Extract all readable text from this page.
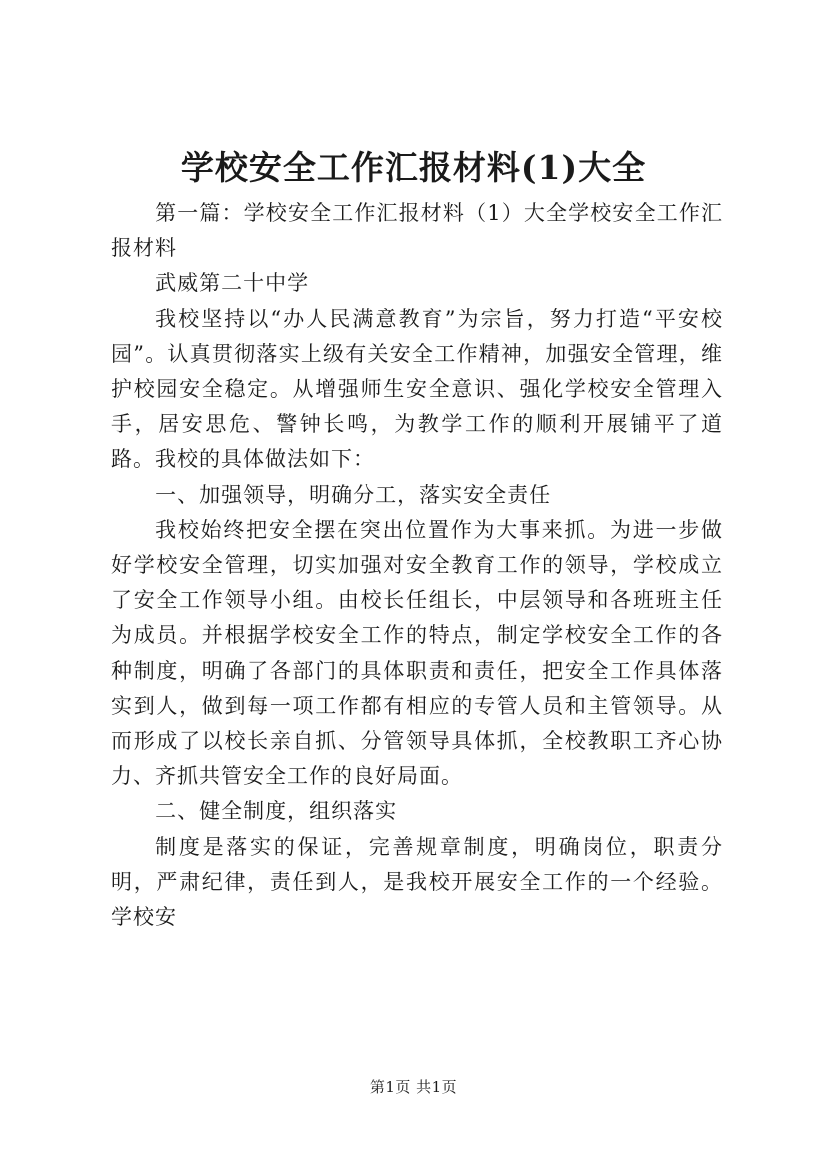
学校安全工作汇报材料(1)大全

第一篇：学校安全工作汇报材料（1）大全学校安全工作汇报材料

武威第二十中学

我校坚持以“办人民满意教育”为宗旨，努力打造“平安校园”。认真贯彻落实上级有关安全工作精神，加强安全管理，维护校园安全稳定。从增强师生安全意识、强化学校安全管理入手，居安思危、警钟长鸣，为教学工作的顺利开展铺平了道路。我校的具体做法如下：

一、加强领导，明确分工，落实安全责任

我校始终把安全摆在突出位置作为大事来抓。为进一步做好学校安全管理，切实加强对安全教育工作的领导，学校成立了安全工作领导小组。由校长任组长，中层领导和各班班主任为成员。并根据学校安全工作的特点，制定学校安全工作的各种制度，明确了各部门的具体职责和责任，把安全工作具体落实到人，做到每一项工作都有相应的专管人员和主管领导。从而形成了以校长亲自抓、分管领导具体抓，全校教职工齐心协力、齐抓共管安全工作的良好局面。

二、健全制度，组织落实

制度是落实的保证，完善规章制度，明确岗位，职责分明，严肃纪律，责任到人，是我校开展安全工作的一个经验。学校安

第1页 共1页
